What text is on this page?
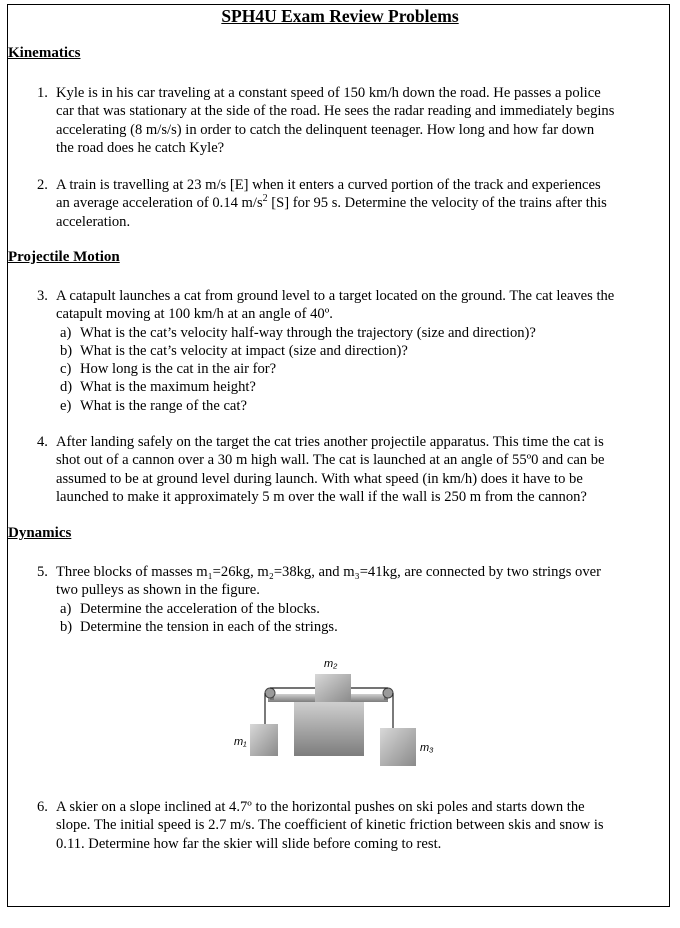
SPH4U Exam Review Problems
Kinematics
1. Kyle is in his car traveling at a constant speed of 150 km/h down the road. He passes a police
car that was stationary at the side of the road. He sees the radar reading and immediately begins
accelerating (8 m/s/s) in order to catch the delinquent teenager. How long and how far down
the road does he catch Kyle?
2. A train is travelling at 23 m/s [E] when it enters a curved portion of the track and experiences
an average acceleration of 0.14 $m/s^2$ [S] for 95 s. Determine the velocity of the trains after this
acceleration.
Projectile Motion
3. A catapult launches a cat from ground level to a target located on the ground. The cat leaves the
catapult moving at 100 km/h at an angle of 40º.
a) What is the cat’s velocity half-way through the trajectory (size and direction)?
b) What is the cat’s velocity at impact (size and direction)?
c) How long is the cat in the air for?
d) What is the maximum height?
e) What is the range of the cat?
4. After landing safely on the target the cat tries another projectile apparatus. This time the cat is
shot out of a cannon over a 30 m high wall. The cat is launched at an angle of 55º0 and can be
assumed to be at ground level during launch. With what speed (in km/h) does it have to be
launched to make it approximately 5 m over the wall if the wall is 250 m from the cannon?
Dynamics
5. Three blocks of masses m₁=26kg, m₂=38kg, and m₃=41kg, are connected by two strings over
two pulleys as shown in the figure.
a) Determine the acceleration of the blocks.
b) Determine the tension in each of the strings.
m₂
m₁	m₃
6. A skier on a slope inclined at 4.7º to the horizontal pushes on ski poles and starts down the
slope. The initial speed is 2.7 m/s. The coefficient of kinetic friction between skis and snow is
0.11. Determine how far the skier will slide before coming to rest.
